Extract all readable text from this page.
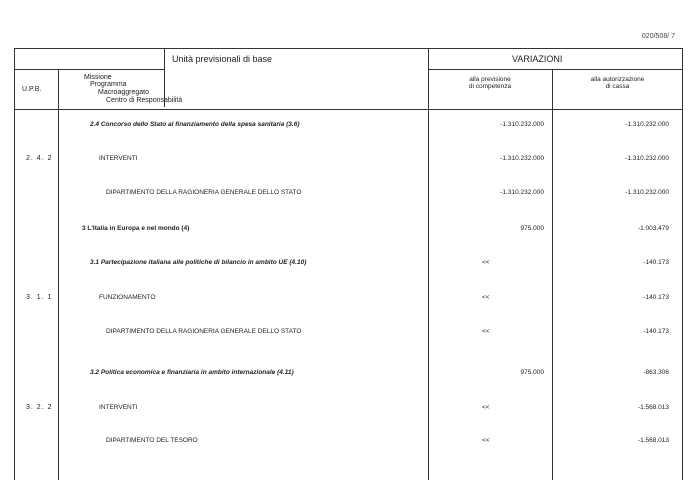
020/508/ 7
Unità previsionali di base	VARIAZIONI
U.P.B.
Missione
Programma
Macroaggregato
Centro di Responsabilità
alla previsione
di competenza
alla autorizzazione
di cassa
2.4 Concorso dello Stato al finanziamento della spesa sanitaria (3.6)	-1.310.232.000	-1.310.232.000
2. 4. 2	INTERVENTI	-1.310.232.000	-1.310.232.000
DIPARTIMENTO DELLA RAGIONERIA GENERALE DELLO STATO	-1.310.232.000	-1.310.232.000
3 L'Italia in Europa e nel mondo (4)	975.000	-1.003.479
3.1 Partecipazione italiana alle politiche di bilancio in ambito UE (4.10)	<<	-140.173
3. 1. 1	FUNZIONAMENTO	<<	-140.173
DIPARTIMENTO DELLA RAGIONERIA GENERALE DELLO STATO	<<	-140.173
3.2 Politica economica e finanziaria in ambito internazionale (4.11)	975.000	-863.306
3. 2. 2	INTERVENTI	<<	-1.568.013
DIPARTIMENTO DEL TESORO	<<	-1.568.013
